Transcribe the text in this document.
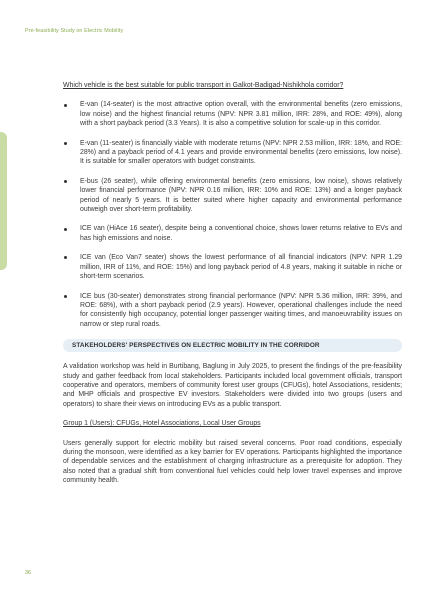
Pre-feasibility Study on Electric Mobility
Which vehicle is the best suitable for public transport in Galkot-Badigad-Nishikhola corridor?
E-van (14-seater) is the most attractive option overall, with the environmental benefits (zero emissions, low noise) and the highest financial returns (NPV: NPR 3.81 million, IRR: 28%, and ROE: 49%), along with a short payback period (3.3 Years). It is also a competitive solution for scale-up in this corridor.
E-van (11-seater) is financially viable with moderate returns (NPV: NPR 2.53 million, IRR: 18%, and ROE: 28%) and a payback period of 4.1 years and provide environmental benefits (zero emissions, low noise). It is suitable for smaller operators with budget constraints.
E-bus (26 seater), while offering environmental benefits (zero emissions, low noise), shows relatively lower financial performance (NPV: NPR 0.16 million, IRR: 10% and ROE: 13%) and a longer payback period of nearly 5 years. It is better suited where higher capacity and environmental performance outweigh over short-term profitability.
ICE van (HiAce 16 seater), despite being a conventional choice, shows lower returns relative to EVs and has high emissions and noise.
ICE van (Eco Van7 seater) shows the lowest performance of all financial indicators (NPV: NPR 1.29 million, IRR of 11%, and ROE: 15%) and long payback period of 4.8 years, making it suitable in niche or short-term scenarios.
ICE bus (30-seater) demonstrates strong financial performance (NPV: NPR 5.36 million, IRR: 39%, and ROE: 68%), with a short payback period (2.9 years). However, operational challenges include the need for consistently high occupancy, potential longer passenger waiting times, and manoeuvrability issues on narrow or step rural roads.
STAKEHOLDERS' PERSPECTIVES ON ELECTRIC MOBILITY IN THE CORRIDOR

A validation workshop was held in Burtibang, Baglung in July 2025, to present the findings of the pre-feasibility study and gather feedback from local stakeholders. Participants included local government officials, transport cooperative and operators, members of community forest user groups (CFUGs), hotel Associations, residents; and MHP officials and prospective EV investors. Stakeholders were divided into two groups (users and operators) to share their views on introducing EVs as a public transport.

Group 1 (Users): CFUGs, Hotel Associations, Local User Groups

Users generally support for electric mobility but raised several concerns. Poor road conditions, especially during the monsoon, were identified as a key barrier for EV operations. Participants highlighted the importance of dependable services and the establishment of charging infrastructure as a prerequisite for adoption. They also noted that a gradual shift from conventional fuel vehicles could help lower travel expenses and improve community health.

36
